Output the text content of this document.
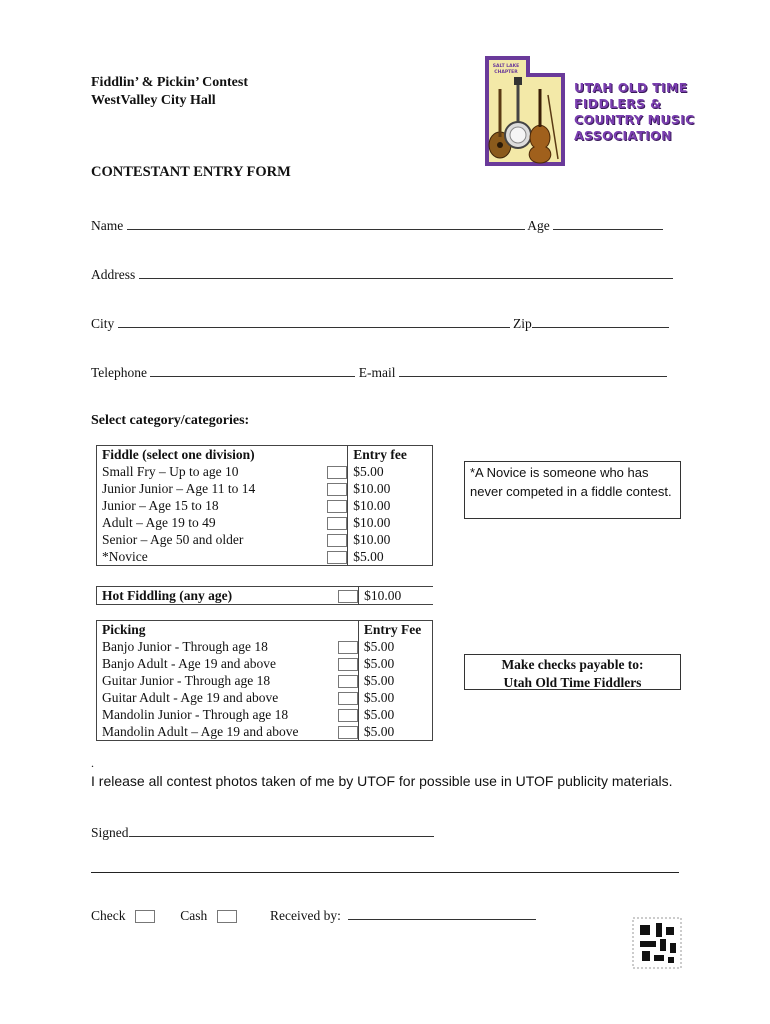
Fiddlin’ & Pickin’ Contest
WestValley City Hall
SALT LAKE
CHAPTER
UTAH OLD TIME
FIDDLERS &
COUNTRY MUSIC
ASSOCIATION
CONTESTANT ENTRY FORM
Name	Age
Address
City	Zip
Telephone	E-mail
Select category/categories:
Fiddle (select one division)		Entry fee
Small Fry – Up to age 10		$5.00
Junior Junior – Age 11 to 14		$10.00
Junior – Age 15 to 18		$10.00
Adult – Age 19 to 49		$10.00
Senior – Age 50 and older		$10.00
*Novice		$5.00
Hot Fiddling (any age)		$10.00
Picking		Entry Fee
Banjo Junior - Through age 18		$5.00
Banjo Adult - Age 19 and above		$5.00
Guitar Junior - Through age 18		$5.00
Guitar Adult - Age 19 and above		$5.00
Mandolin Junior - Through age 18		$5.00
Mandolin Adult – Age 19 and above		$5.00
*A Novice is someone who has never competed in a fiddle contest.
Make checks payable to:
Utah Old Time Fiddlers
.
I release all contest photos taken of me by UTOF for possible use in UTOF publicity materials.
Signed
Check	Cash	Received by:
